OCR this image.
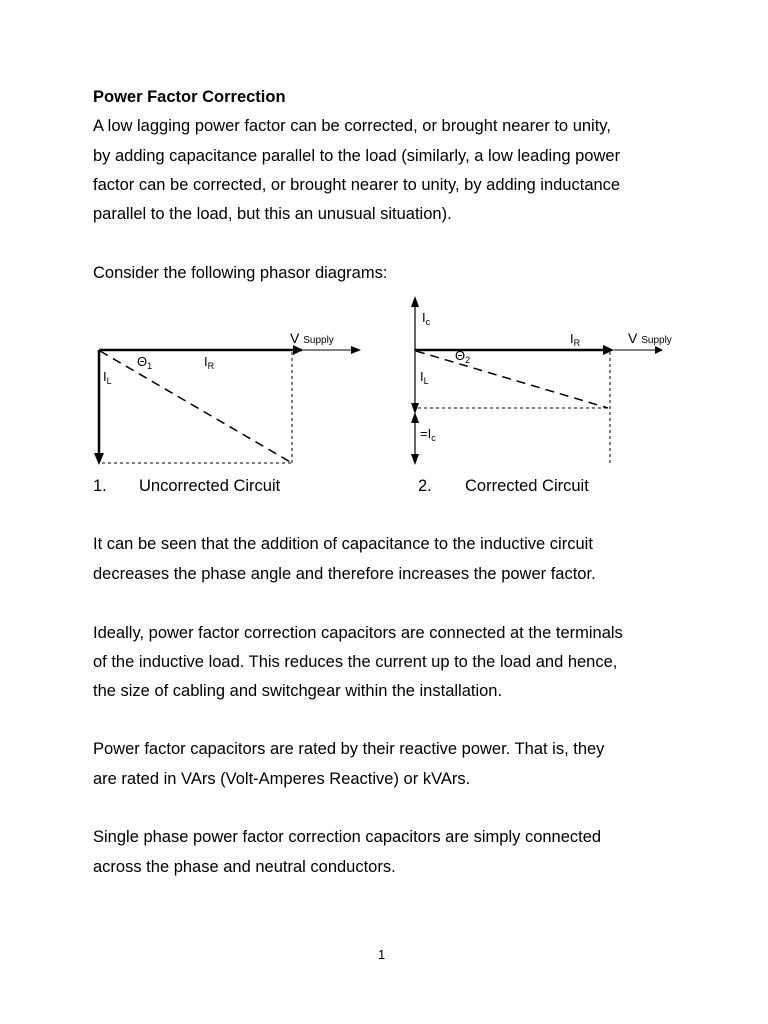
Power Factor Correction

A low lagging power factor can be corrected, or brought nearer to unity,

by adding capacitance parallel to the load (similarly, a low leading power

factor can be corrected, or brought nearer to unity, by adding inductance

parallel to the load, but this an unusual situation).

Consider the following phasor diagrams:

V Supply
$\Theta_1$	$I_R$
$I_L$
$I_c$
$I_R$	V Supply
$\Theta_2$
$I_L$
$=I_c$
1. Uncorrected Circuit	2. Corrected Circuit

It can be seen that the addition of capacitance to the inductive circuit

decreases the phase angle and therefore increases the power factor.

Ideally, power factor correction capacitors are connected at the terminals

of the inductive load. This reduces the current up to the load and hence,

the size of cabling and switchgear within the installation.

Power factor capacitors are rated by their reactive power. That is, they

are rated in VArs (Volt-Amperes Reactive) or kVArs.

Single phase power factor correction capacitors are simply connected

across the phase and neutral conductors.

1
